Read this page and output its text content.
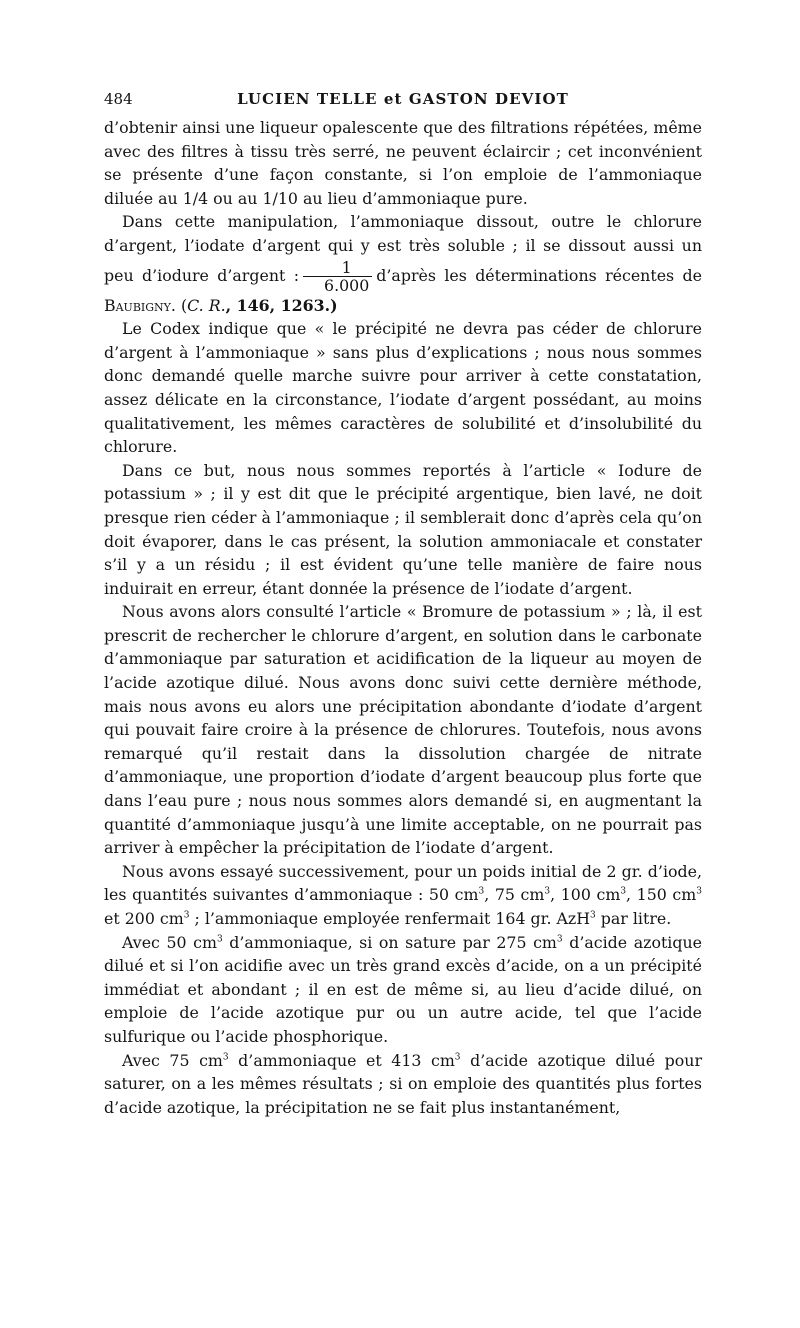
484	LUCIEN TELLE et GASTON DEVIOT

d’obtenir ainsi une liqueur opalescente que des filtrations répétées, même avec des filtres à tissu très serré, ne peuvent éclaircir ; cet inconvénient se présente d’une façon constante, si l’on emploie de l’ammoniaque diluée au 1/4 ou au 1/10 au lieu d’ammoniaque pure.

Dans cette manipulation, l’ammoniaque dissout, outre le chlorure d’argent, l’iodate d’argent qui y est très soluble ; il se dissout aussi un peu d’iodure d’argent : $\frac{1}{6.000}$ d’après les déterminations récentes de Baubigny. (C. R., 146, 1263.)

Le Codex indique que « le précipité ne devra pas céder de chlorure d’argent à l’ammoniaque » sans plus d’explications ; nous nous sommes donc demandé quelle marche suivre pour arriver à cette constatation, assez délicate en la circonstance, l’iodate d’argent possédant, au moins qualitativement, les mêmes caractères de solubilité et d’insolubilité du chlorure.

Dans ce but, nous nous sommes reportés à l’article « Iodure de potassium » ; il y est dit que le précipité argentique, bien lavé, ne doit presque rien céder à l’ammoniaque ; il semblerait donc d’après cela qu’on doit évaporer, dans le cas présent, la solution ammoniacale et constater s’il y a un résidu ; il est évident qu’une telle manière de faire nous induirait en erreur, étant donnée la présence de l’iodate d’argent.

Nous avons alors consulté l’article « Bromure de potassium » ; là, il est prescrit de rechercher le chlorure d’argent, en solution dans le carbonate d’ammoniaque par saturation et acidification de la liqueur au moyen de l’acide azotique dilué. Nous avons donc suivi cette dernière méthode, mais nous avons eu alors une précipitation abondante d’iodate d’argent qui pouvait faire croire à la présence de chlorures. Toutefois, nous avons remarqué qu’il restait dans la dissolution chargée de nitrate d’ammoniaque, une proportion d’iodate d’argent beaucoup plus forte que dans l’eau pure ; nous nous sommes alors demandé si, en augmentant la quantité d’ammoniaque jusqu’à une limite acceptable, on ne pourrait pas arriver à empêcher la précipitation de l’iodate d’argent.

Nous avons essayé successivement, pour un poids initial de 2 gr. d’iode, les quantités suivantes d’ammoniaque : 50 $cm^3$, 75 $cm^3$, 100 $cm^3$, 150 $cm^3$ et 200 $cm^3$ ; l’ammoniaque employée renfermait 164 gr. AzH$^3$ par litre.

Avec 50 $cm^3$ d’ammoniaque, si on sature par 275 $cm^3$ d’acide azotique dilué et si l’on acidifie avec un très grand excès d’acide, on a un précipité immédiat et abondant ; il en est de même si, au lieu d’acide dilué, on emploie de l’acide azotique pur ou un autre acide, tel que l’acide sulfurique ou l’acide phosphorique.

Avec 75 $cm^3$ d’ammoniaque et 413 $cm^3$ d’acide azotique dilué pour saturer, on a les mêmes résultats ; si on emploie des quantités plus fortes d’acide azotique, la précipitation ne se fait plus instantanément,
